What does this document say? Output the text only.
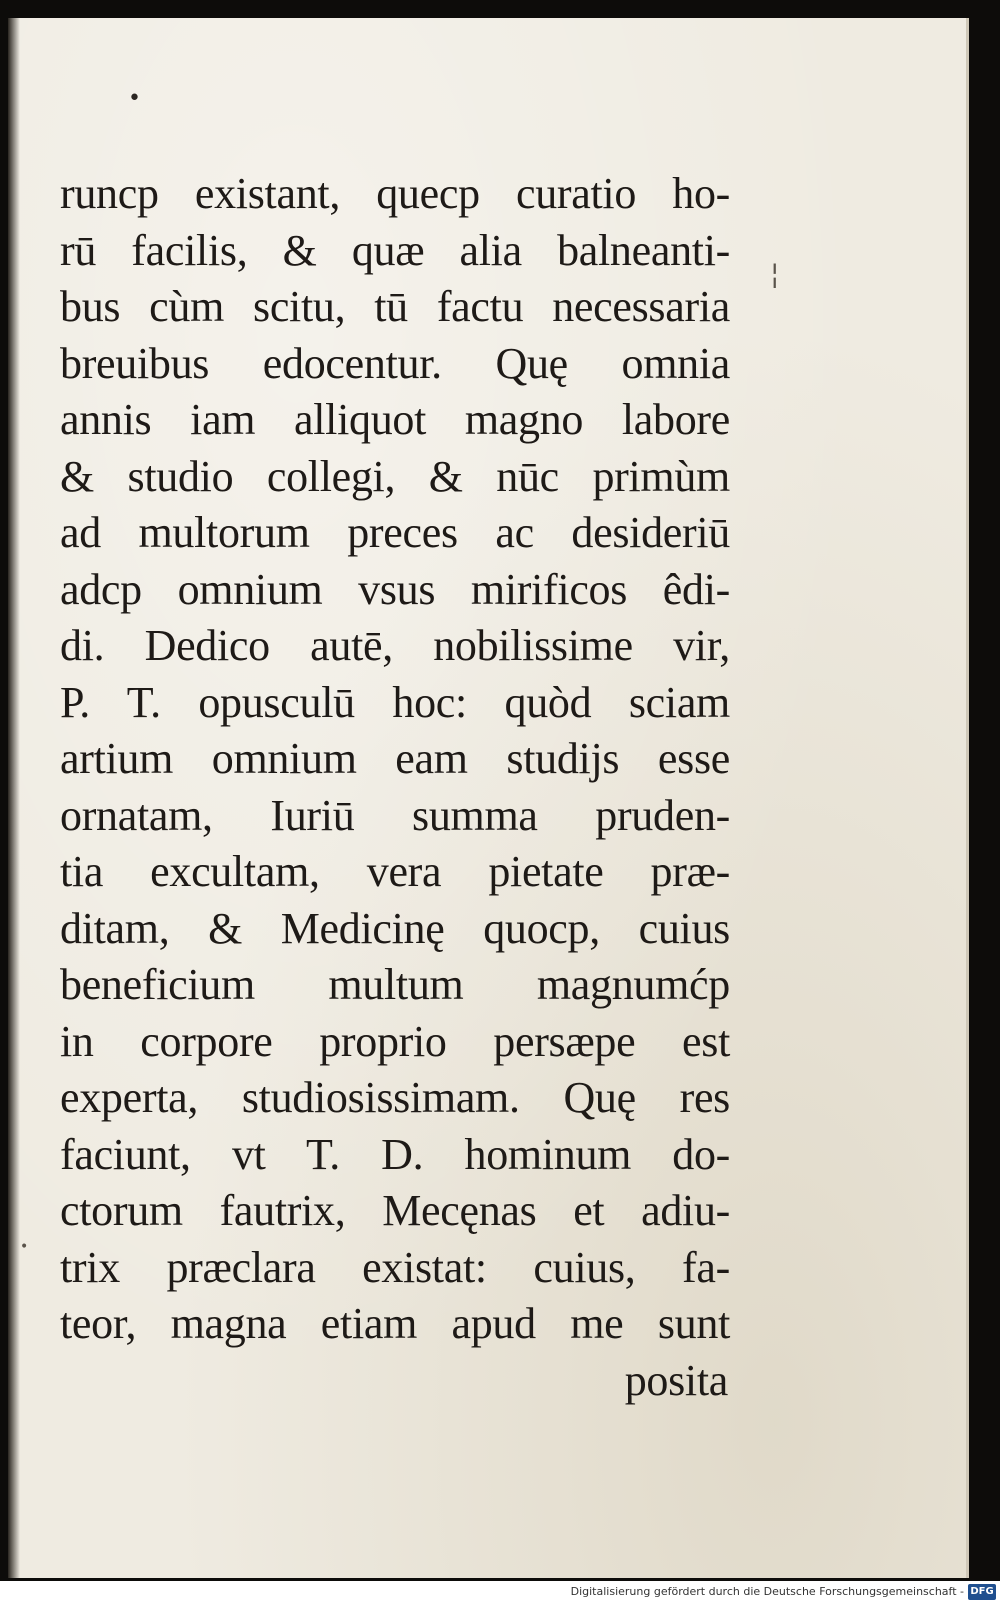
•
¦
•
runcp existant, quecp curatio ho-
rū facilis, & quæ alia balneanti-
bus cùm scitu, tū factu necessaria
breuibus edocentur. Quę omnia
annis iam alliquot magno labore
& studio collegi, & nūc primùm
ad multorum preces ac desideriū
adcp omnium vsus mirificos êdi-
di. Dedico autē, nobilissime vir,
P. T. opusculū hoc: quòd sciam
artium omnium eam studijs esse
ornatam, Iuriū summa pruden-
tia excultam, vera pietate præ-
ditam, & Medicinę quocp, cuius
beneficium multum magnumćp
in corpore proprio persæpe est
experta, studiosissimam. Quę res
faciunt, vt T. D. hominum do-
ctorum fautrix, Mecęnas et adiu-
trix præclara existat: cuius, fa-
teor, magna etiam apud me sunt
posita
Digitalisierung gefördert durch die Deutsche Forschungsgemeinschaft - DFG
